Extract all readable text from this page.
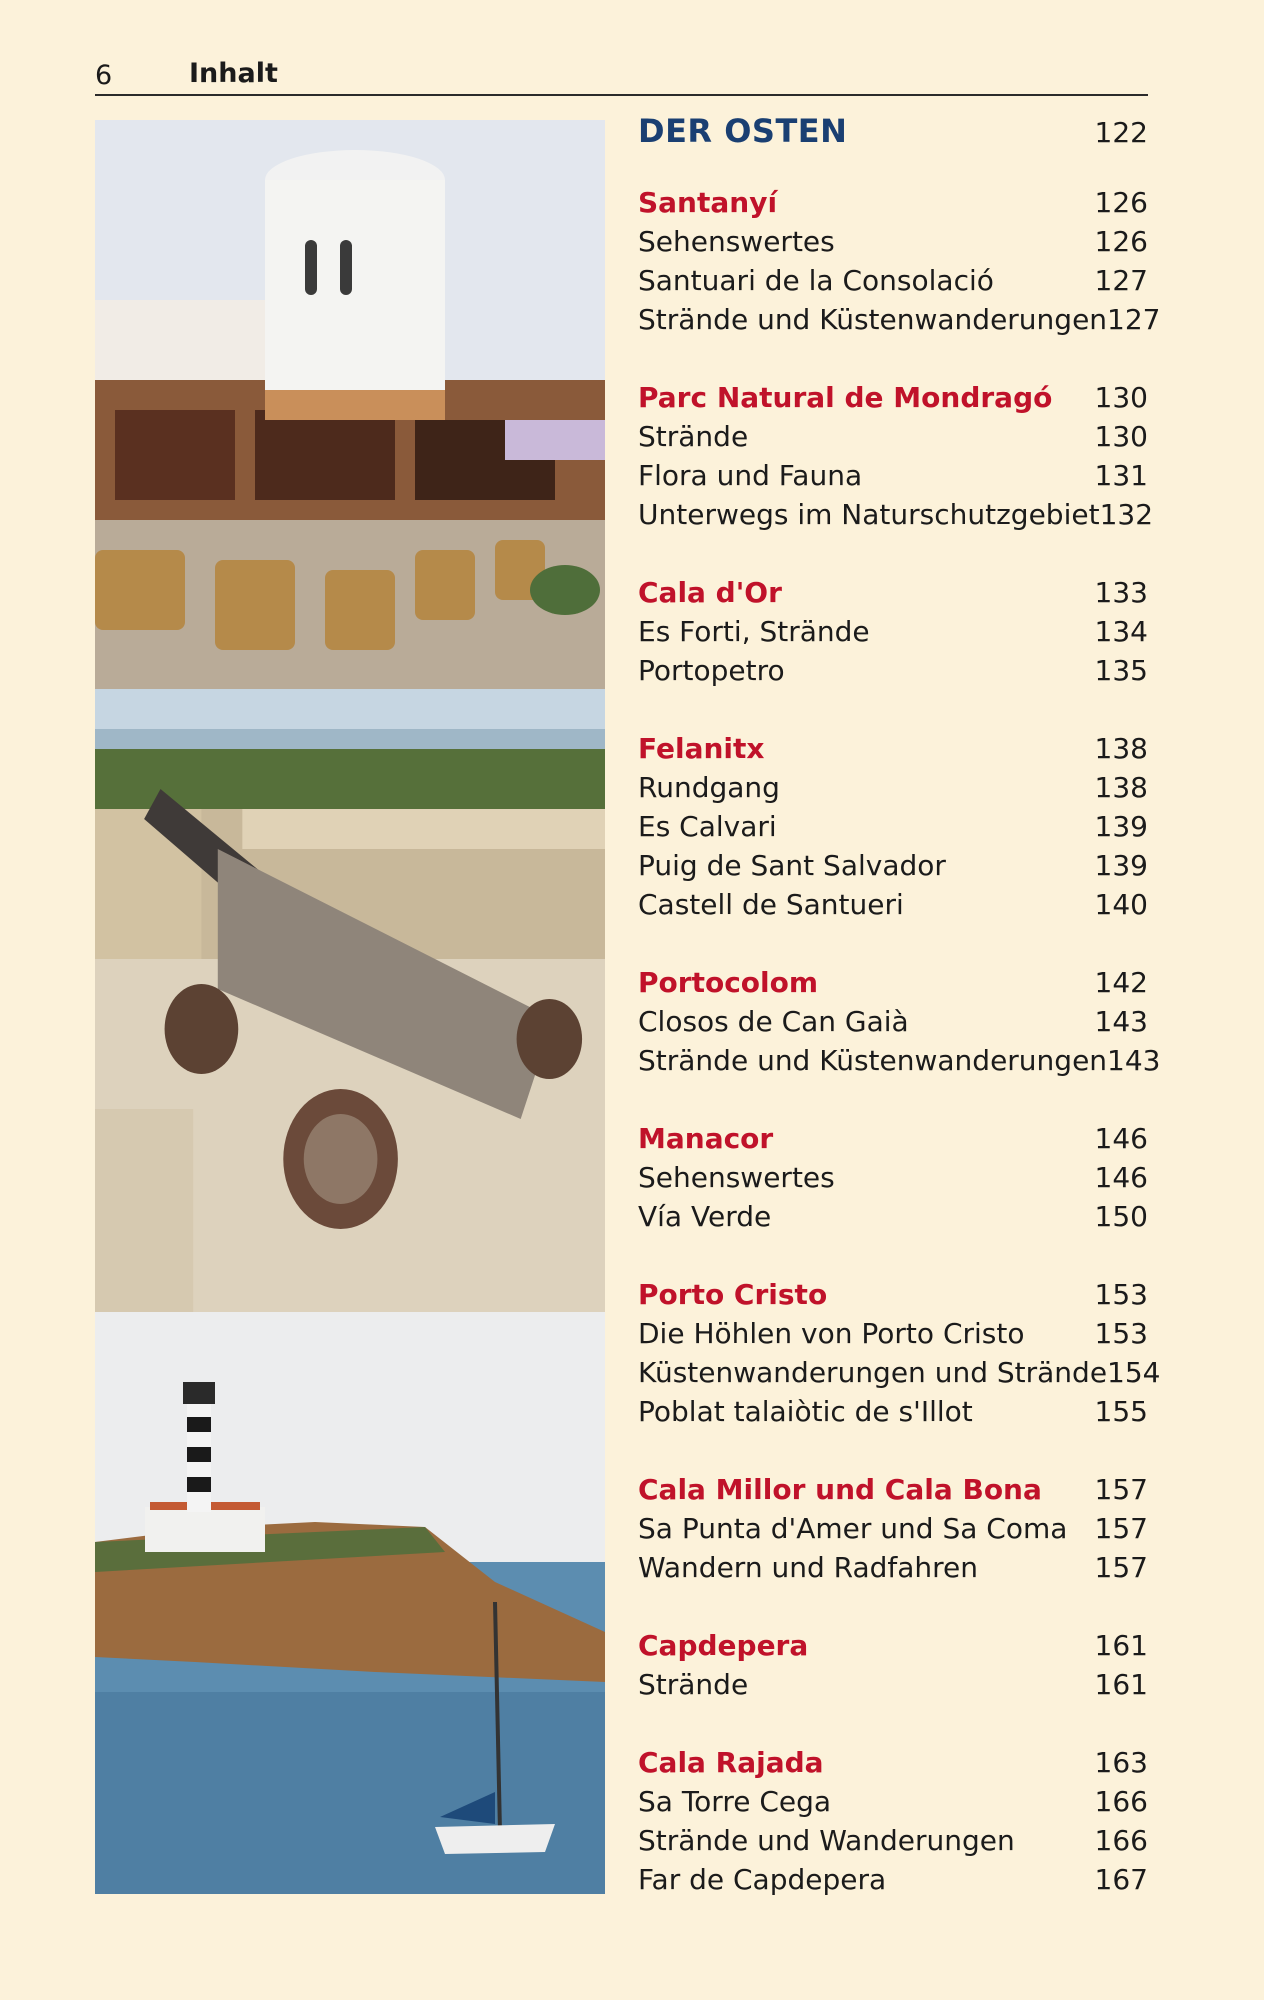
6	Inhalt
DER OSTEN	122
Santanyí	126
Sehenswertes	126
Santuari de la Consolació	127
Strände und Küstenwanderungen 127
Parc Natural de Mondragó 130
Strände	130
Flora und Fauna	131
Unterwegs im Naturschutzgebiet 132
Cala d'Or	133
Es Forti, Strände	134
Portopetro	135
Felanitx	138
Rundgang	138
Es Calvari	139
Puig de Sant Salvador	139
Castell de Santueri	140
Portocolom	142
Closos de Can Gaià	143
Strände und Küstenwanderungen 143
Manacor	146
Sehenswertes	146
Vía Verde	150
Porto Cristo	153
Die Höhlen von Porto Cristo	153
Küstenwanderungen und Strände 154
Poblat talaiòtic de s'Illot	155
Cala Millor und Cala Bona 157
Sa Punta d'Amer und Sa Coma 157
Wandern und Radfahren	157
Capdepera	161
Strände	161
Cala Rajada	163
Sa Torre Cega	166
Strände und Wanderungen	166
Far de Capdepera	167
